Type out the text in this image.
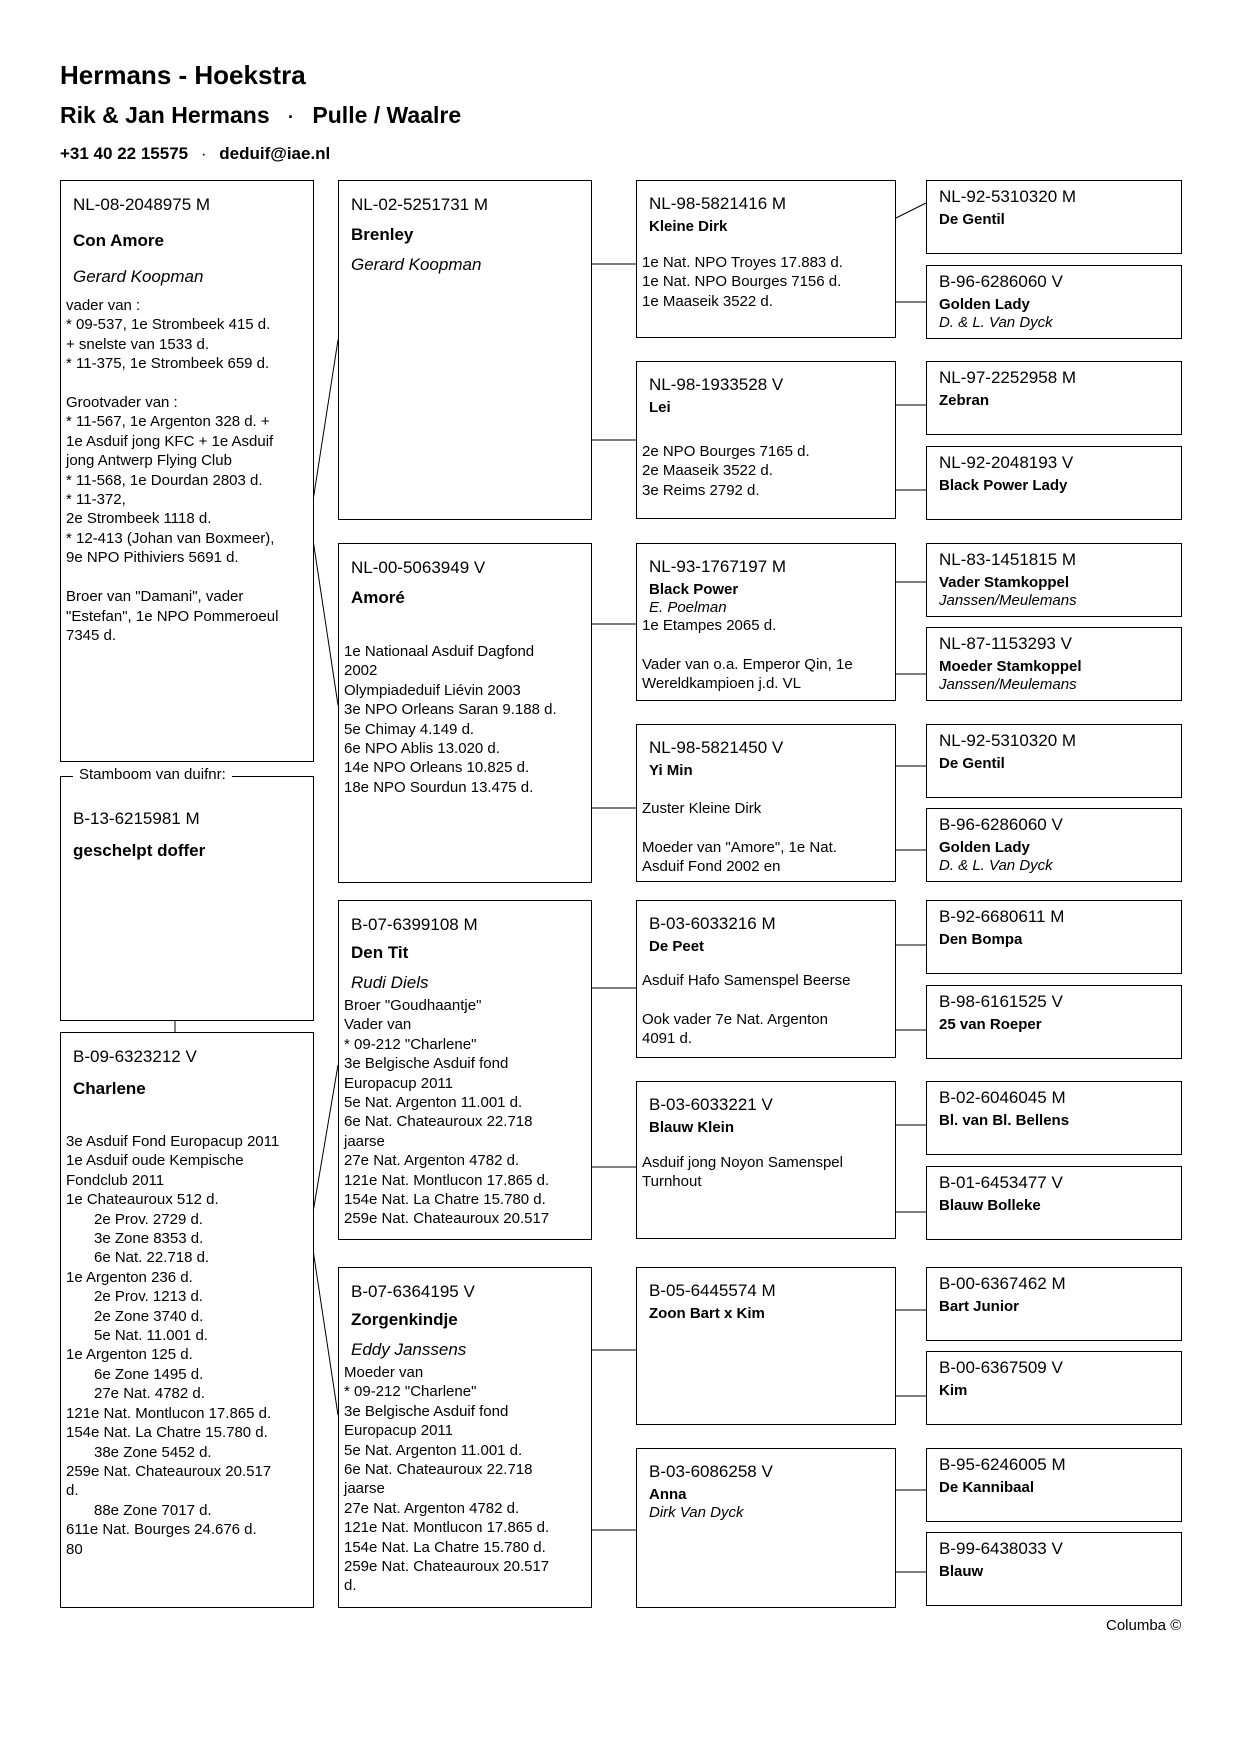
Hermans - Hoekstra
Rik & Jan Hermans · Pulle / Waalre
+31 40 22 15575 · deduif@iae.nl
NL-08-2048975 M
Con Amore
Gerard Koopman
vader van :
* 09-537, 1e Strombeek 415 d.
+ snelste van 1533 d.
* 11-375, 1e Strombeek 659 d.

Grootvader van :
* 11-567, 1e Argenton 328 d. +
1e Asduif jong KFC + 1e Asduif
jong Antwerp Flying Club
* 11-568, 1e Dourdan 2803 d.
* 11-372,
2e Strombeek 1118 d.
* 12-413 (Johan van Boxmeer),
9e NPO Pithiviers 5691 d.

Broer van "Damani", vader
"Estefan", 1e NPO Pommeroeul
7345 d.
B-13-6215981 M
geschelpt doffer
Stamboom van duifnr:
B-09-6323212 V
Charlene
3e Asduif Fond Europacup 2011
1e Asduif oude Kempische
Fondclub 2011
1e Chateauroux 512 d.
2e Prov. 2729 d.
3e Zone 8353 d.
6e Nat. 22.718 d.
1e Argenton 236 d.
2e Prov. 1213 d.
2e Zone 3740 d.
5e Nat. 11.001 d.
1e Argenton 125 d.
6e Zone 1495 d.
27e Nat. 4782 d.
121e Nat. Montlucon 17.865 d.
154e Nat. La Chatre 15.780 d.
38e Zone 5452 d.
259e Nat. Chateauroux 20.517
d.
88e Zone 7017 d.
611e Nat. Bourges 24.676 d.
80
NL-02-5251731 M
Brenley
Gerard Koopman
NL-00-5063949 V
Amoré
1e Nationaal Asduif Dagfond
2002
Olympiadeduif Liévin 2003
3e NPO Orleans Saran 9.188 d.
5e Chimay 4.149 d.
6e NPO Ablis 13.020 d.
14e NPO Orleans 10.825 d.
18e NPO Sourdun 13.475 d.
B-07-6399108 M
Den Tit
Rudi Diels
Broer "Goudhaantje"
Vader van
* 09-212 "Charlene"
3e Belgische Asduif fond
Europacup 2011
5e Nat. Argenton 11.001 d.
6e Nat. Chateauroux 22.718
jaarse
27e Nat. Argenton 4782 d.
121e Nat. Montlucon 17.865 d.
154e Nat. La Chatre 15.780 d.
259e Nat. Chateauroux 20.517
B-07-6364195 V
Zorgenkindje
Eddy Janssens
Moeder van
* 09-212 "Charlene"
3e Belgische Asduif fond
Europacup 2011
5e Nat. Argenton 11.001 d.
6e Nat. Chateauroux 22.718
jaarse
27e Nat. Argenton 4782 d.
121e Nat. Montlucon 17.865 d.
154e Nat. La Chatre 15.780 d.
259e Nat. Chateauroux 20.517
d.
NL-98-5821416 M
Kleine Dirk
1e Nat. NPO Troyes 17.883 d.
1e Nat. NPO Bourges 7156 d.
1e Maaseik 3522 d.
NL-98-1933528 V
Lei
2e NPO Bourges 7165 d.
2e Maaseik 3522 d.
3e Reims 2792 d.
NL-93-1767197 M
Black Power
E. Poelman
1e Etampes 2065 d.

Vader van o.a. Emperor Qin, 1e
Wereldkampioen j.d. VL
NL-98-5821450 V
Yi Min
Zuster Kleine Dirk

Moeder van "Amore", 1e Nat.
Asduif Fond 2002 en
B-03-6033216 M
De Peet
Asduif Hafo Samenspel Beerse

Ook vader 7e Nat. Argenton
4091 d.
B-03-6033221 V
Blauw Klein
Asduif jong Noyon Samenspel
Turnhout
B-05-6445574 M
Zoon Bart x Kim
B-03-6086258 V
Anna
Dirk Van Dyck
NL-92-5310320 M
De Gentil
B-96-6286060 V
Golden Lady
D. & L. Van Dyck
NL-97-2252958 M
Zebran
NL-92-2048193 V
Black Power Lady
NL-83-1451815 M
Vader Stamkoppel
Janssen/Meulemans
NL-87-1153293 V
Moeder Stamkoppel
Janssen/Meulemans
NL-92-5310320 M
De Gentil
B-96-6286060 V
Golden Lady
D. & L. Van Dyck
B-92-6680611 M
Den Bompa
B-98-6161525 V
25 van Roeper
B-02-6046045 M
Bl. van Bl. Bellens
B-01-6453477 V
Blauw Bolleke
B-00-6367462 M
Bart Junior
B-00-6367509 V
Kim
B-95-6246005 M
De Kannibaal
B-99-6438033 V
Blauw
Columba ©
